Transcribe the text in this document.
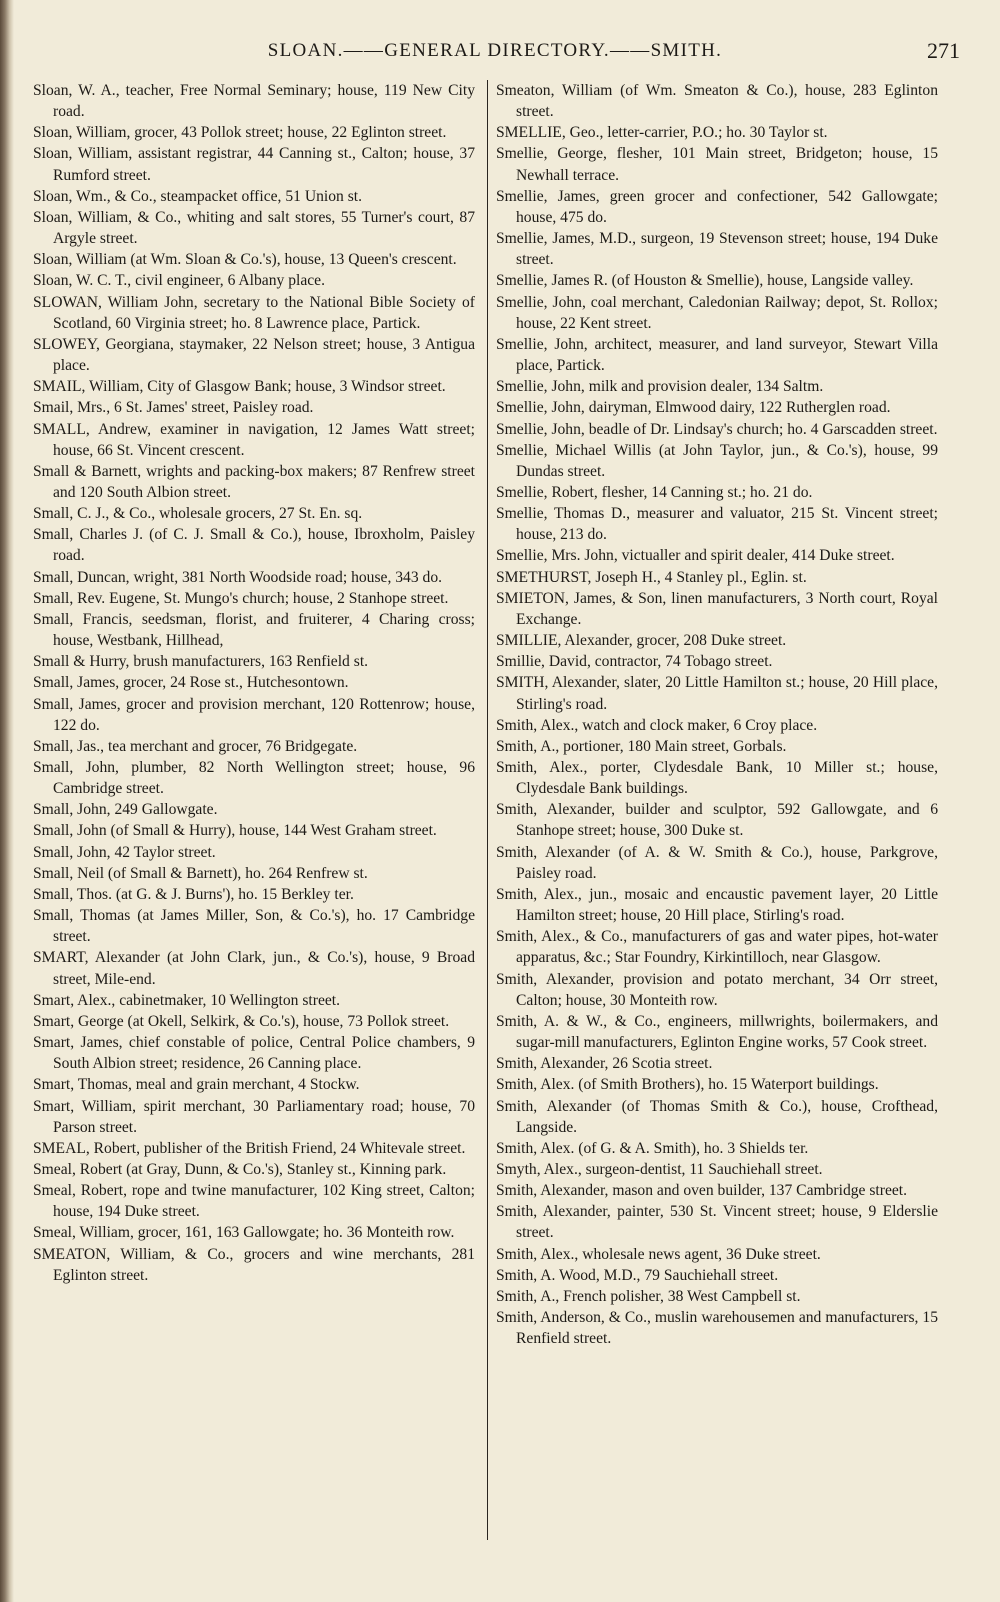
SLOAN.——GENERAL DIRECTORY.——SMITH.	271
Sloan, W. A., teacher, Free Normal Seminary; house, 119 New City road.
Sloan, William, grocer, 43 Pollok street; house, 22 Eglinton street.
Sloan, William, assistant registrar, 44 Canning st., Calton; house, 37 Rumford street.
Sloan, Wm., & Co., steampacket office, 51 Union st.
Sloan, William, & Co., whiting and salt stores, 55 Turner's court, 87 Argyle street.
Sloan, William (at Wm. Sloan & Co.'s), house, 13 Queen's crescent.
Sloan, W. C. T., civil engineer, 6 Albany place.
SLOWAN, William John, secretary to the National Bible Society of Scotland, 60 Virginia street; ho. 8 Lawrence place, Partick.
SLOWEY, Georgiana, staymaker, 22 Nelson street; house, 3 Antigua place.
SMAIL, William, City of Glasgow Bank; house, 3 Windsor street.
Smail, Mrs., 6 St. James' street, Paisley road.
SMALL, Andrew, examiner in navigation, 12 James Watt street; house, 66 St. Vincent crescent.
Small & Barnett, wrights and packing-box makers; 87 Renfrew street and 120 South Albion street.
Small, C. J., & Co., wholesale grocers, 27 St. En. sq.
Small, Charles J. (of C. J. Small & Co.), house, Ibroxholm, Paisley road.
Small, Duncan, wright, 381 North Woodside road; house, 343 do.
Small, Rev. Eugene, St. Mungo's church; house, 2 Stanhope street.
Small, Francis, seedsman, florist, and fruiterer, 4 Charing cross; house, Westbank, Hillhead,
Small & Hurry, brush manufacturers, 163 Renfield st.
Small, James, grocer, 24 Rose st., Hutchesontown.
Small, James, grocer and provision merchant, 120 Rottenrow; house, 122 do.
Small, Jas., tea merchant and grocer, 76 Bridgegate.
Small, John, plumber, 82 North Wellington street; house, 96 Cambridge street.
Small, John, 249 Gallowgate.
Small, John (of Small & Hurry), house, 144 West Graham street.
Small, John, 42 Taylor street.
Small, Neil (of Small & Barnett), ho. 264 Renfrew st.
Small, Thos. (at G. & J. Burns'), ho. 15 Berkley ter.
Small, Thomas (at James Miller, Son, & Co.'s), ho. 17 Cambridge street.
SMART, Alexander (at John Clark, jun., & Co.'s), house, 9 Broad street, Mile-end.
Smart, Alex., cabinetmaker, 10 Wellington street.
Smart, George (at Okell, Selkirk, & Co.'s), house, 73 Pollok street.
Smart, James, chief constable of police, Central Police chambers, 9 South Albion street; residence, 26 Canning place.
Smart, Thomas, meal and grain merchant, 4 Stockw.
Smart, William, spirit merchant, 30 Parliamentary road; house, 70 Parson street.
SMEAL, Robert, publisher of the British Friend, 24 Whitevale street.
Smeal, Robert (at Gray, Dunn, & Co.'s), Stanley st., Kinning park.
Smeal, Robert, rope and twine manufacturer, 102 King street, Calton; house, 194 Duke street.
Smeal, William, grocer, 161, 163 Gallowgate; ho. 36 Monteith row.
SMEATON, William, & Co., grocers and wine merchants, 281 Eglinton street.
Smeaton, William (of Wm. Smeaton & Co.), house, 283 Eglinton street.
SMELLIE, Geo., letter-carrier, P.O.; ho. 30 Taylor st.
Smellie, George, flesher, 101 Main street, Bridgeton; house, 15 Newhall terrace.
Smellie, James, green grocer and confectioner, 542 Gallowgate; house, 475 do.
Smellie, James, M.D., surgeon, 19 Stevenson street; house, 194 Duke street.
Smellie, James R. (of Houston & Smellie), house, Langside valley.
Smellie, John, coal merchant, Caledonian Railway; depot, St. Rollox; house, 22 Kent street.
Smellie, John, architect, measurer, and land surveyor, Stewart Villa place, Partick.
Smellie, John, milk and provision dealer, 134 Saltm.
Smellie, John, dairyman, Elmwood dairy, 122 Rutherglen road.
Smellie, John, beadle of Dr. Lindsay's church; ho. 4 Garscadden street.
Smellie, Michael Willis (at John Taylor, jun., & Co.'s), house, 99 Dundas street.
Smellie, Robert, flesher, 14 Canning st.; ho. 21 do.
Smellie, Thomas D., measurer and valuator, 215 St. Vincent street; house, 213 do.
Smellie, Mrs. John, victualler and spirit dealer, 414 Duke street.
SMETHURST, Joseph H., 4 Stanley pl., Eglin. st.
SMIETON, James, & Son, linen manufacturers, 3 North court, Royal Exchange.
SMILLIE, Alexander, grocer, 208 Duke street.
Smillie, David, contractor, 74 Tobago street.
SMITH, Alexander, slater, 20 Little Hamilton st.; house, 20 Hill place, Stirling's road.
Smith, Alex., watch and clock maker, 6 Croy place.
Smith, A., portioner, 180 Main street, Gorbals.
Smith, Alex., porter, Clydesdale Bank, 10 Miller st.; house, Clydesdale Bank buildings.
Smith, Alexander, builder and sculptor, 592 Gallowgate, and 6 Stanhope street; house, 300 Duke st.
Smith, Alexander (of A. & W. Smith & Co.), house, Parkgrove, Paisley road.
Smith, Alex., jun., mosaic and encaustic pavement layer, 20 Little Hamilton street; house, 20 Hill place, Stirling's road.
Smith, Alex., & Co., manufacturers of gas and water pipes, hot-water apparatus, &c.; Star Foundry, Kirkintilloch, near Glasgow.
Smith, Alexander, provision and potato merchant, 34 Orr street, Calton; house, 30 Monteith row.
Smith, A. & W., & Co., engineers, millwrights, boilermakers, and sugar-mill manufacturers, Eglinton Engine works, 57 Cook street.
Smith, Alexander, 26 Scotia street.
Smith, Alex. (of Smith Brothers), ho. 15 Waterport buildings.
Smith, Alexander (of Thomas Smith & Co.), house, Crofthead, Langside.
Smith, Alex. (of G. & A. Smith), ho. 3 Shields ter.
Smyth, Alex., surgeon-dentist, 11 Sauchiehall street.
Smith, Alexander, mason and oven builder, 137 Cambridge street.
Smith, Alexander, painter, 530 St. Vincent street; house, 9 Elderslie street.
Smith, Alex., wholesale news agent, 36 Duke street.
Smith, A. Wood, M.D., 79 Sauchiehall street.
Smith, A., French polisher, 38 West Campbell st.
Smith, Anderson, & Co., muslin warehousemen and manufacturers, 15 Renfield street.
